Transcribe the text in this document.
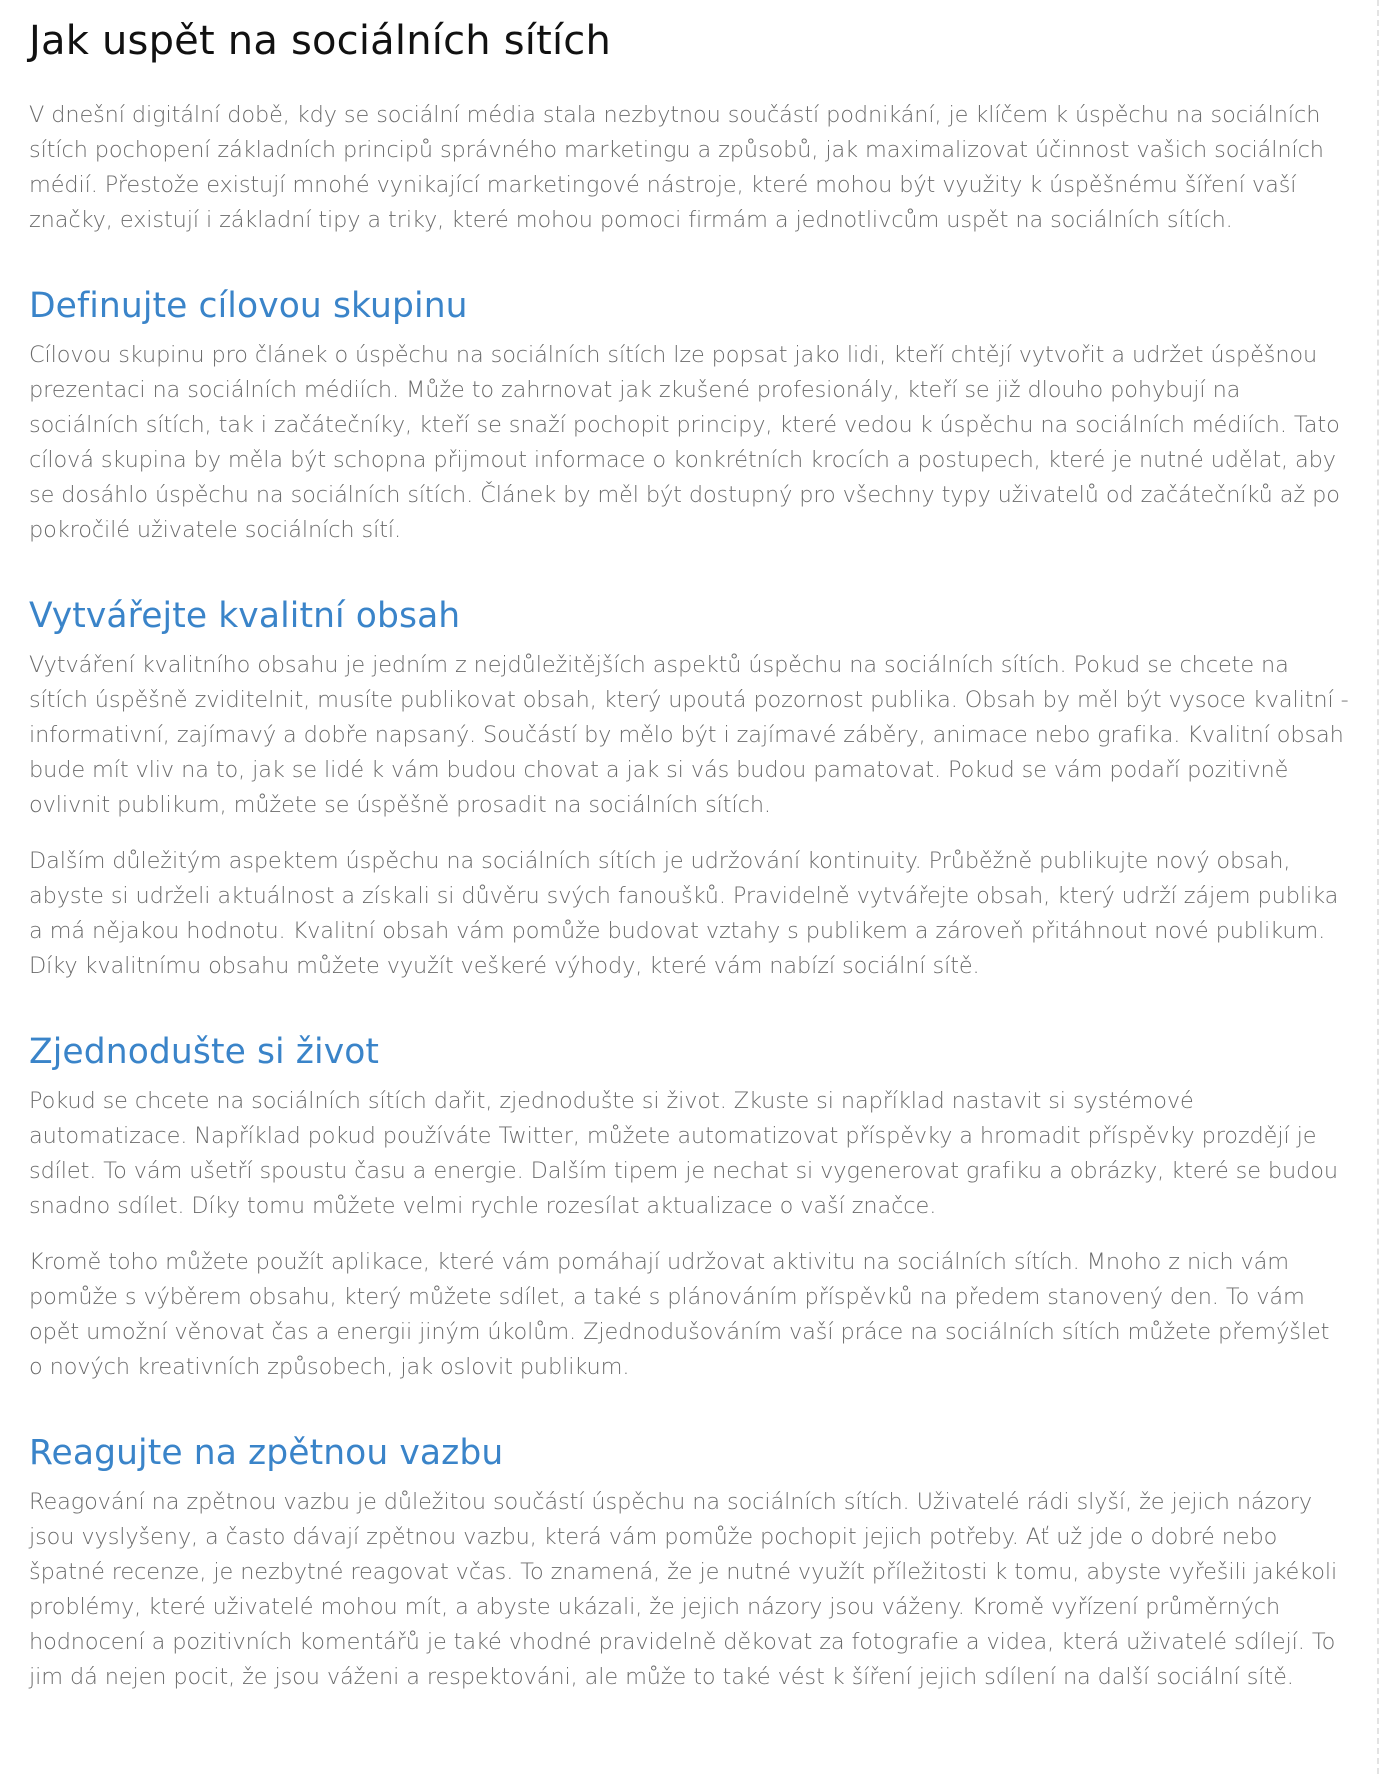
Jak uspět na sociálních sítích

V dnešní digitální době, kdy se sociální média stala nezbytnou součástí podnikání, je klíčem k úspěchu na sociálních sítích pochopení základních principů správného marketingu a způsobů, jak maximalizovat účinnost vašich sociálních médií. Přestože existují mnohé vynikající marketingové nástroje, které mohou být využity k úspěšnému šíření vaší značky, existují i základní tipy a triky, které mohou pomoci firmám a jednotlivcům uspět na sociálních sítích.

Definujte cílovou skupinu

Cílovou skupinu pro článek o úspěchu na sociálních sítích lze popsat jako lidi, kteří chtějí vytvořit a udržet úspěšnou prezentaci na sociálních médiích. Může to zahrnovat jak zkušené profesionály, kteří se již dlouho pohybují na sociálních sítích, tak i začátečníky, kteří se snaží pochopit principy, které vedou k úspěchu na sociálních médiích. Tato cílová skupina by měla být schopna přijmout informace o konkrétních krocích a postupech, které je nutné udělat, aby se dosáhlo úspěchu na sociálních sítích. Článek by měl být dostupný pro všechny typy uživatelů od začátečníků až po pokročilé uživatele sociálních sítí.

Vytvářejte kvalitní obsah

Vytváření kvalitního obsahu je jedním z nejdůležitějších aspektů úspěchu na sociálních sítích. Pokud se chcete na sítích úspěšně zviditelnit, musíte publikovat obsah, který upoutá pozornost publika. Obsah by měl být vysoce kvalitní - informativní, zajímavý a dobře napsaný. Součástí by mělo být i zajímavé záběry, animace nebo grafika. Kvalitní obsah bude mít vliv na to, jak se lidé k vám budou chovat a jak si vás budou pamatovat. Pokud se vám podaří pozitivně ovlivnit publikum, můžete se úspěšně prosadit na sociálních sítích.

Dalším důležitým aspektem úspěchu na sociálních sítích je udržování kontinuity. Průběžně publikujte nový obsah, abyste si udrželi aktuálnost a získali si důvěru svých fanoušků. Pravidelně vytvářejte obsah, který udrží zájem publika a má nějakou hodnotu. Kvalitní obsah vám pomůže budovat vztahy s publikem a zároveň přitáhnout nové publikum. Díky kvalitnímu obsahu můžete využít veškeré výhody, které vám nabízí sociální sítě.

Zjednodušte si život

Pokud se chcete na sociálních sítích dařit, zjednodušte si život. Zkuste si například nastavit si systémové automatizace. Například pokud používáte Twitter, můžete automatizovat příspěvky a hromadit příspěvky prozdějí je sdílet. To vám ušetří spoustu času a energie. Dalším tipem je nechat si vygenerovat grafiku a obrázky, které se budou snadno sdílet. Díky tomu můžete velmi rychle rozesílat aktualizace o vaší značce.

Kromě toho můžete použít aplikace, které vám pomáhají udržovat aktivitu na sociálních sítích. Mnoho z nich vám pomůže s výběrem obsahu, který můžete sdílet, a také s plánováním příspěvků na předem stanovený den. To vám opět umožní věnovat čas a energii jiným úkolům. Zjednodušováním vaší práce na sociálních sítích můžete přemýšlet o nových kreativních způsobech, jak oslovit publikum.

Reagujte na zpětnou vazbu

Reagování na zpětnou vazbu je důležitou součástí úspěchu na sociálních sítích. Uživatelé rádi slyší, že jejich názory jsou vyslyšeny, a často dávají zpětnou vazbu, která vám pomůže pochopit jejich potřeby. Ať už jde o dobré nebo špatné recenze, je nezbytné reagovat včas. To znamená, že je nutné využít příležitosti k tomu, abyste vyřešili jakékoli problémy, které uživatelé mohou mít, a abyste ukázali, že jejich názory jsou váženy. Kromě vyřízení průměrných hodnocení a pozitivních komentářů je také vhodné pravidelně děkovat za fotografie a videa, která uživatelé sdílejí. To jim dá nejen pocit, že jsou váženi a respektováni, ale může to také vést k šíření jejich sdílení na další sociální sítě.
